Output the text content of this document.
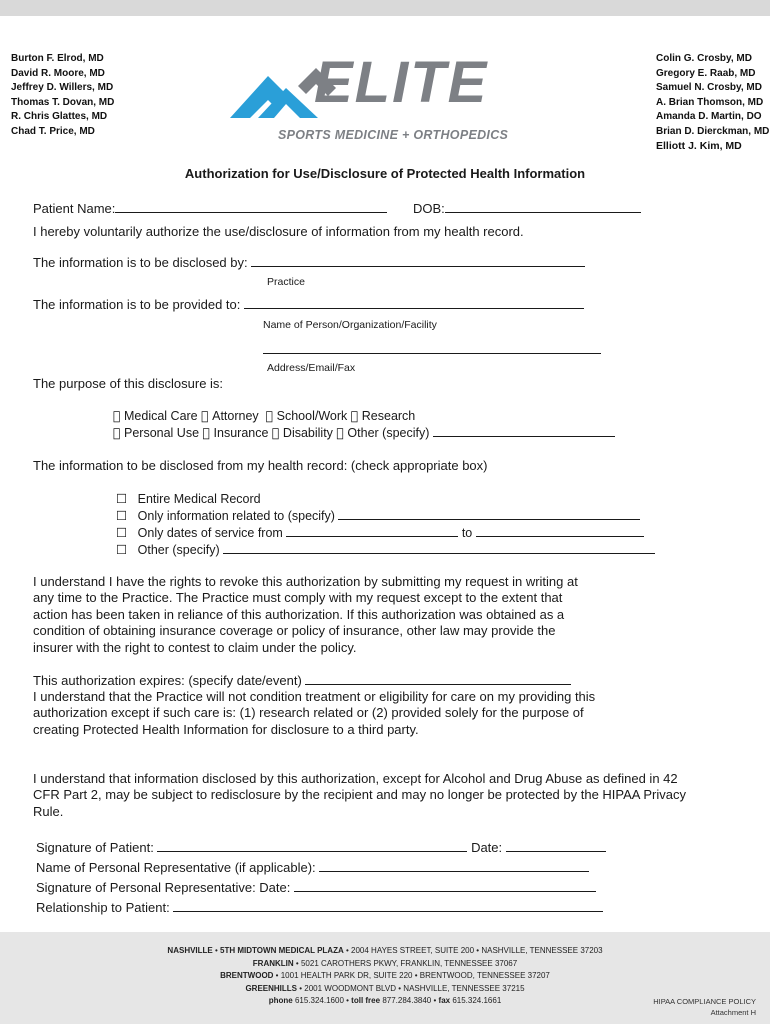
Burton F. Elrod, MD
David R. Moore, MD
Jeffrey D. Willers, MD
Thomas T. Dovan, MD
R. Chris Glattes, MD
Chad T. Price, MD
Colin G. Crosby, MD
Gregory E. Raab, MD
Samuel N. Crosby, MD
A. Brian Thomson, MD
Amanda D. Martin, DO
Brian D. Dierckman, MD
Elliott J. Kim, MD
ELITE
SPORTS MEDICINE + ORTHOPEDICS
Authorization for Use/Disclosure of Protected Health Information
Patient Name:	DOB:
I hereby voluntarily authorize the use/disclosure of information from my health record.
The information is to be disclosed by:
Practice
The information is to be provided to:
Name of Person/Organization/Facility
Address/Email/Fax
The purpose of this disclosure is:
Medical Care Attorney School/Work Research
Personal Use Insurance Disability Other (specify)
The information to be disclosed from my health record: (check appropriate box)
☐ Entire Medical Record
☐ Only information related to (specify)
☐ Only dates of service from	to
☐ Other (specify)
I understand I have the rights to revoke this authorization by submitting my request in writing at any time to the Practice. The Practice must comply with my request except to the extent that action has been taken in reliance of this authorization. If this authorization was obtained as a condition of obtaining insurance coverage or policy of insurance, other law may provide the insurer with the right to contest to claim under the policy.
This authorization expires: (specify date/event)
I understand that the Practice will not condition treatment or eligibility for care on my providing this authorization except if such care is: (1) research related or (2) provided solely for the purpose of creating Protected Health Information for disclosure to a third party.
I understand that information disclosed by this authorization, except for Alcohol and Drug Abuse as defined in 42 CFR Part 2, may be subject to redisclosure by the recipient and may no longer be protected by the HIPAA Privacy Rule.
Signature of Patient:	Date:
Name of Personal Representative (if applicable):
Signature of Personal Representative: Date:
Relationship to Patient:
NASHVILLE • 5TH MIDTOWN MEDICAL PLAZA • 2004 HAYES STREET, SUITE 200 • NASHVILLE, TENNESSEE 37203
FRANKLIN • 5021 CAROTHERS PKWY, FRANKLIN, TENNESSEE 37067
BRENTWOOD • 1001 HEALTH PARK DR, SUITE 220 • BRENTWOOD, TENNESSEE 37207
GREENHILLS • 2001 WOODMONT BLVD • NASHVILLE, TENNESSEE 37215
phone 615.324.1600 • toll free 877.284.3840 • fax 615.324.1661	HIPAA COMPLIANCE POLICY
Attachment H
